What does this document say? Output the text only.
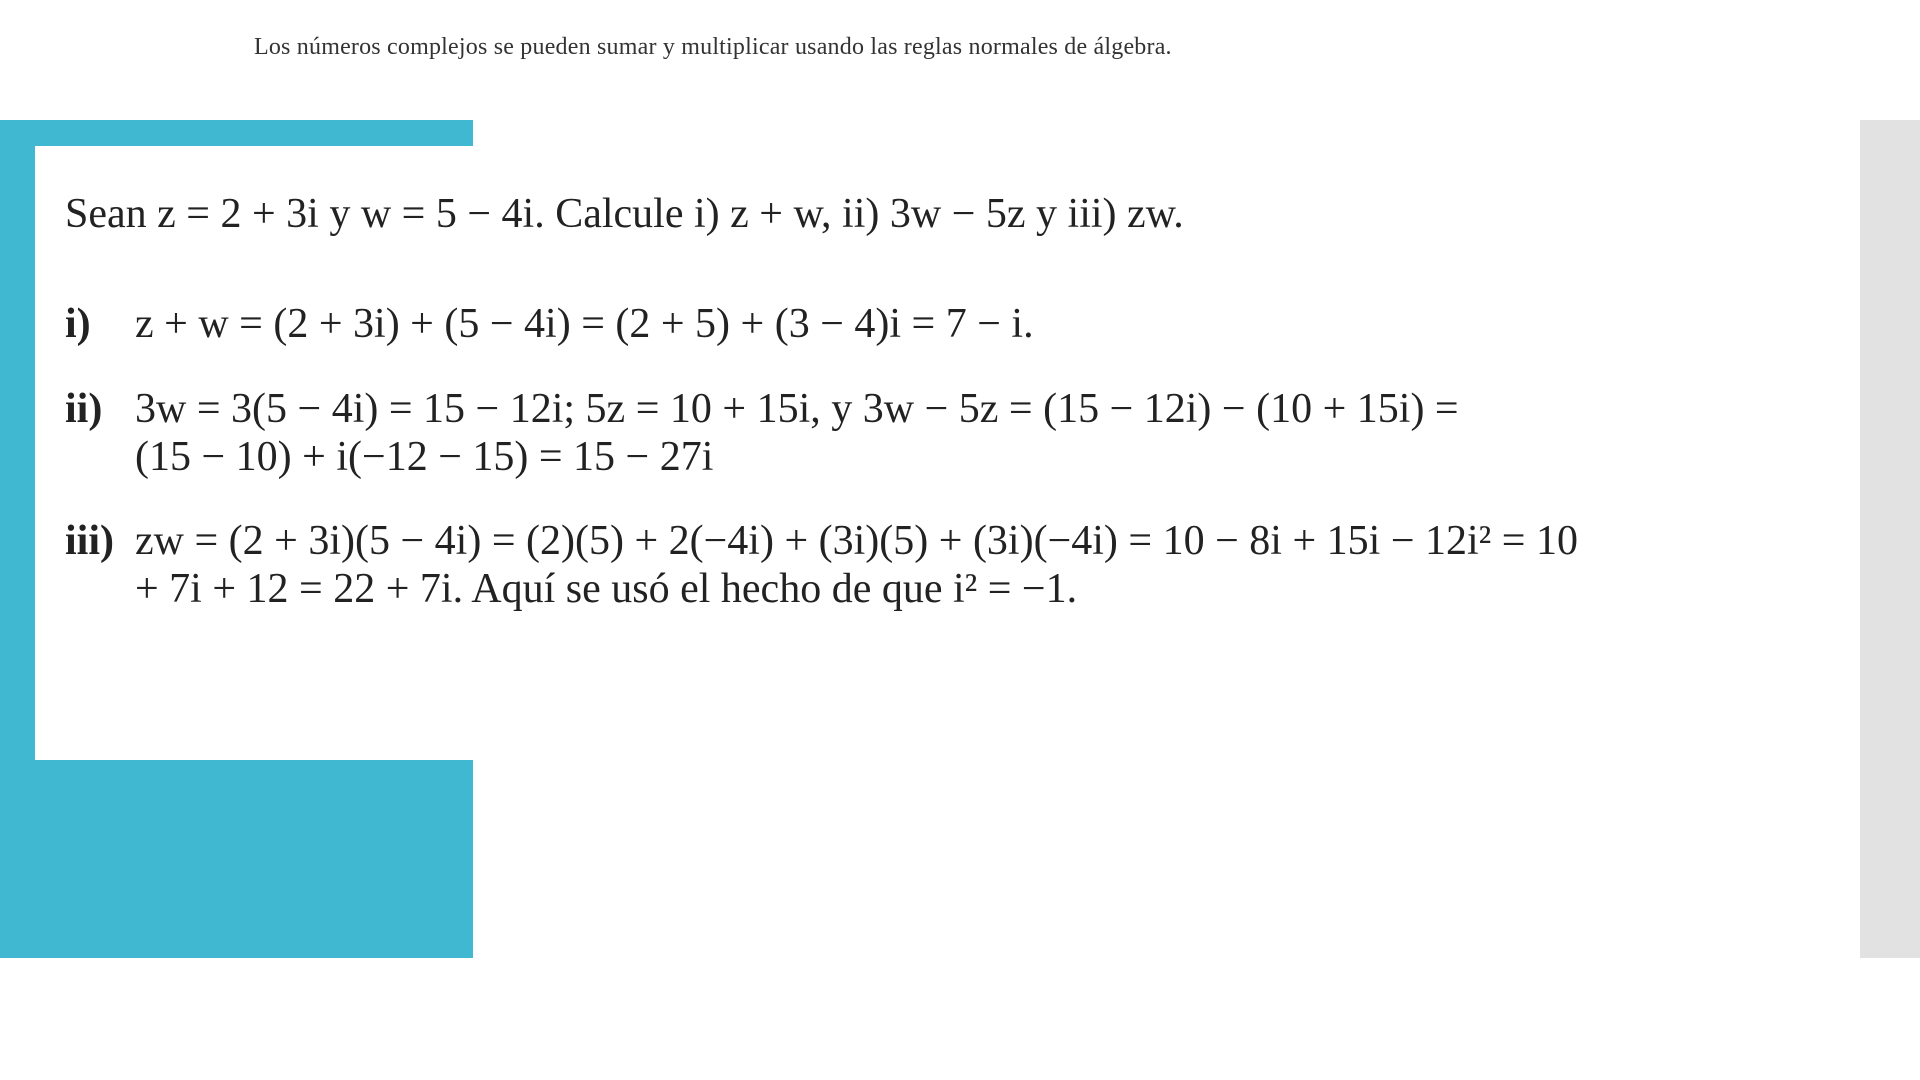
Los números complejos se pueden sumar y multiplicar usando las reglas normales de álgebra.

Sean z = 2 + 3i y w = 5 − 4i. Calcule i) z + w, ii) 3w − 5z y iii) zw.

i)	z + w = (2 + 3i) + (5 − 4i) = (2 + 5) + (3 − 4)i = 7 − i.
ii) 3w = 3(5 − 4i) = 15 − 12i; 5z = 10 + 15i, y 3w − 5z = (15 − 12i) − (10 + 15i) =
(15 − 10) + i(−12 − 15) = 15 − 27i
iii) zw = (2 + 3i)(5 − 4i) = (2)(5) + 2(−4i) + (3i)(5) + (3i)(−4i) = 10 − 8i + 15i − 12i² = 10
+ 7i + 12 = 22 + 7i. Aquí se usó el hecho de que i² = −1.
